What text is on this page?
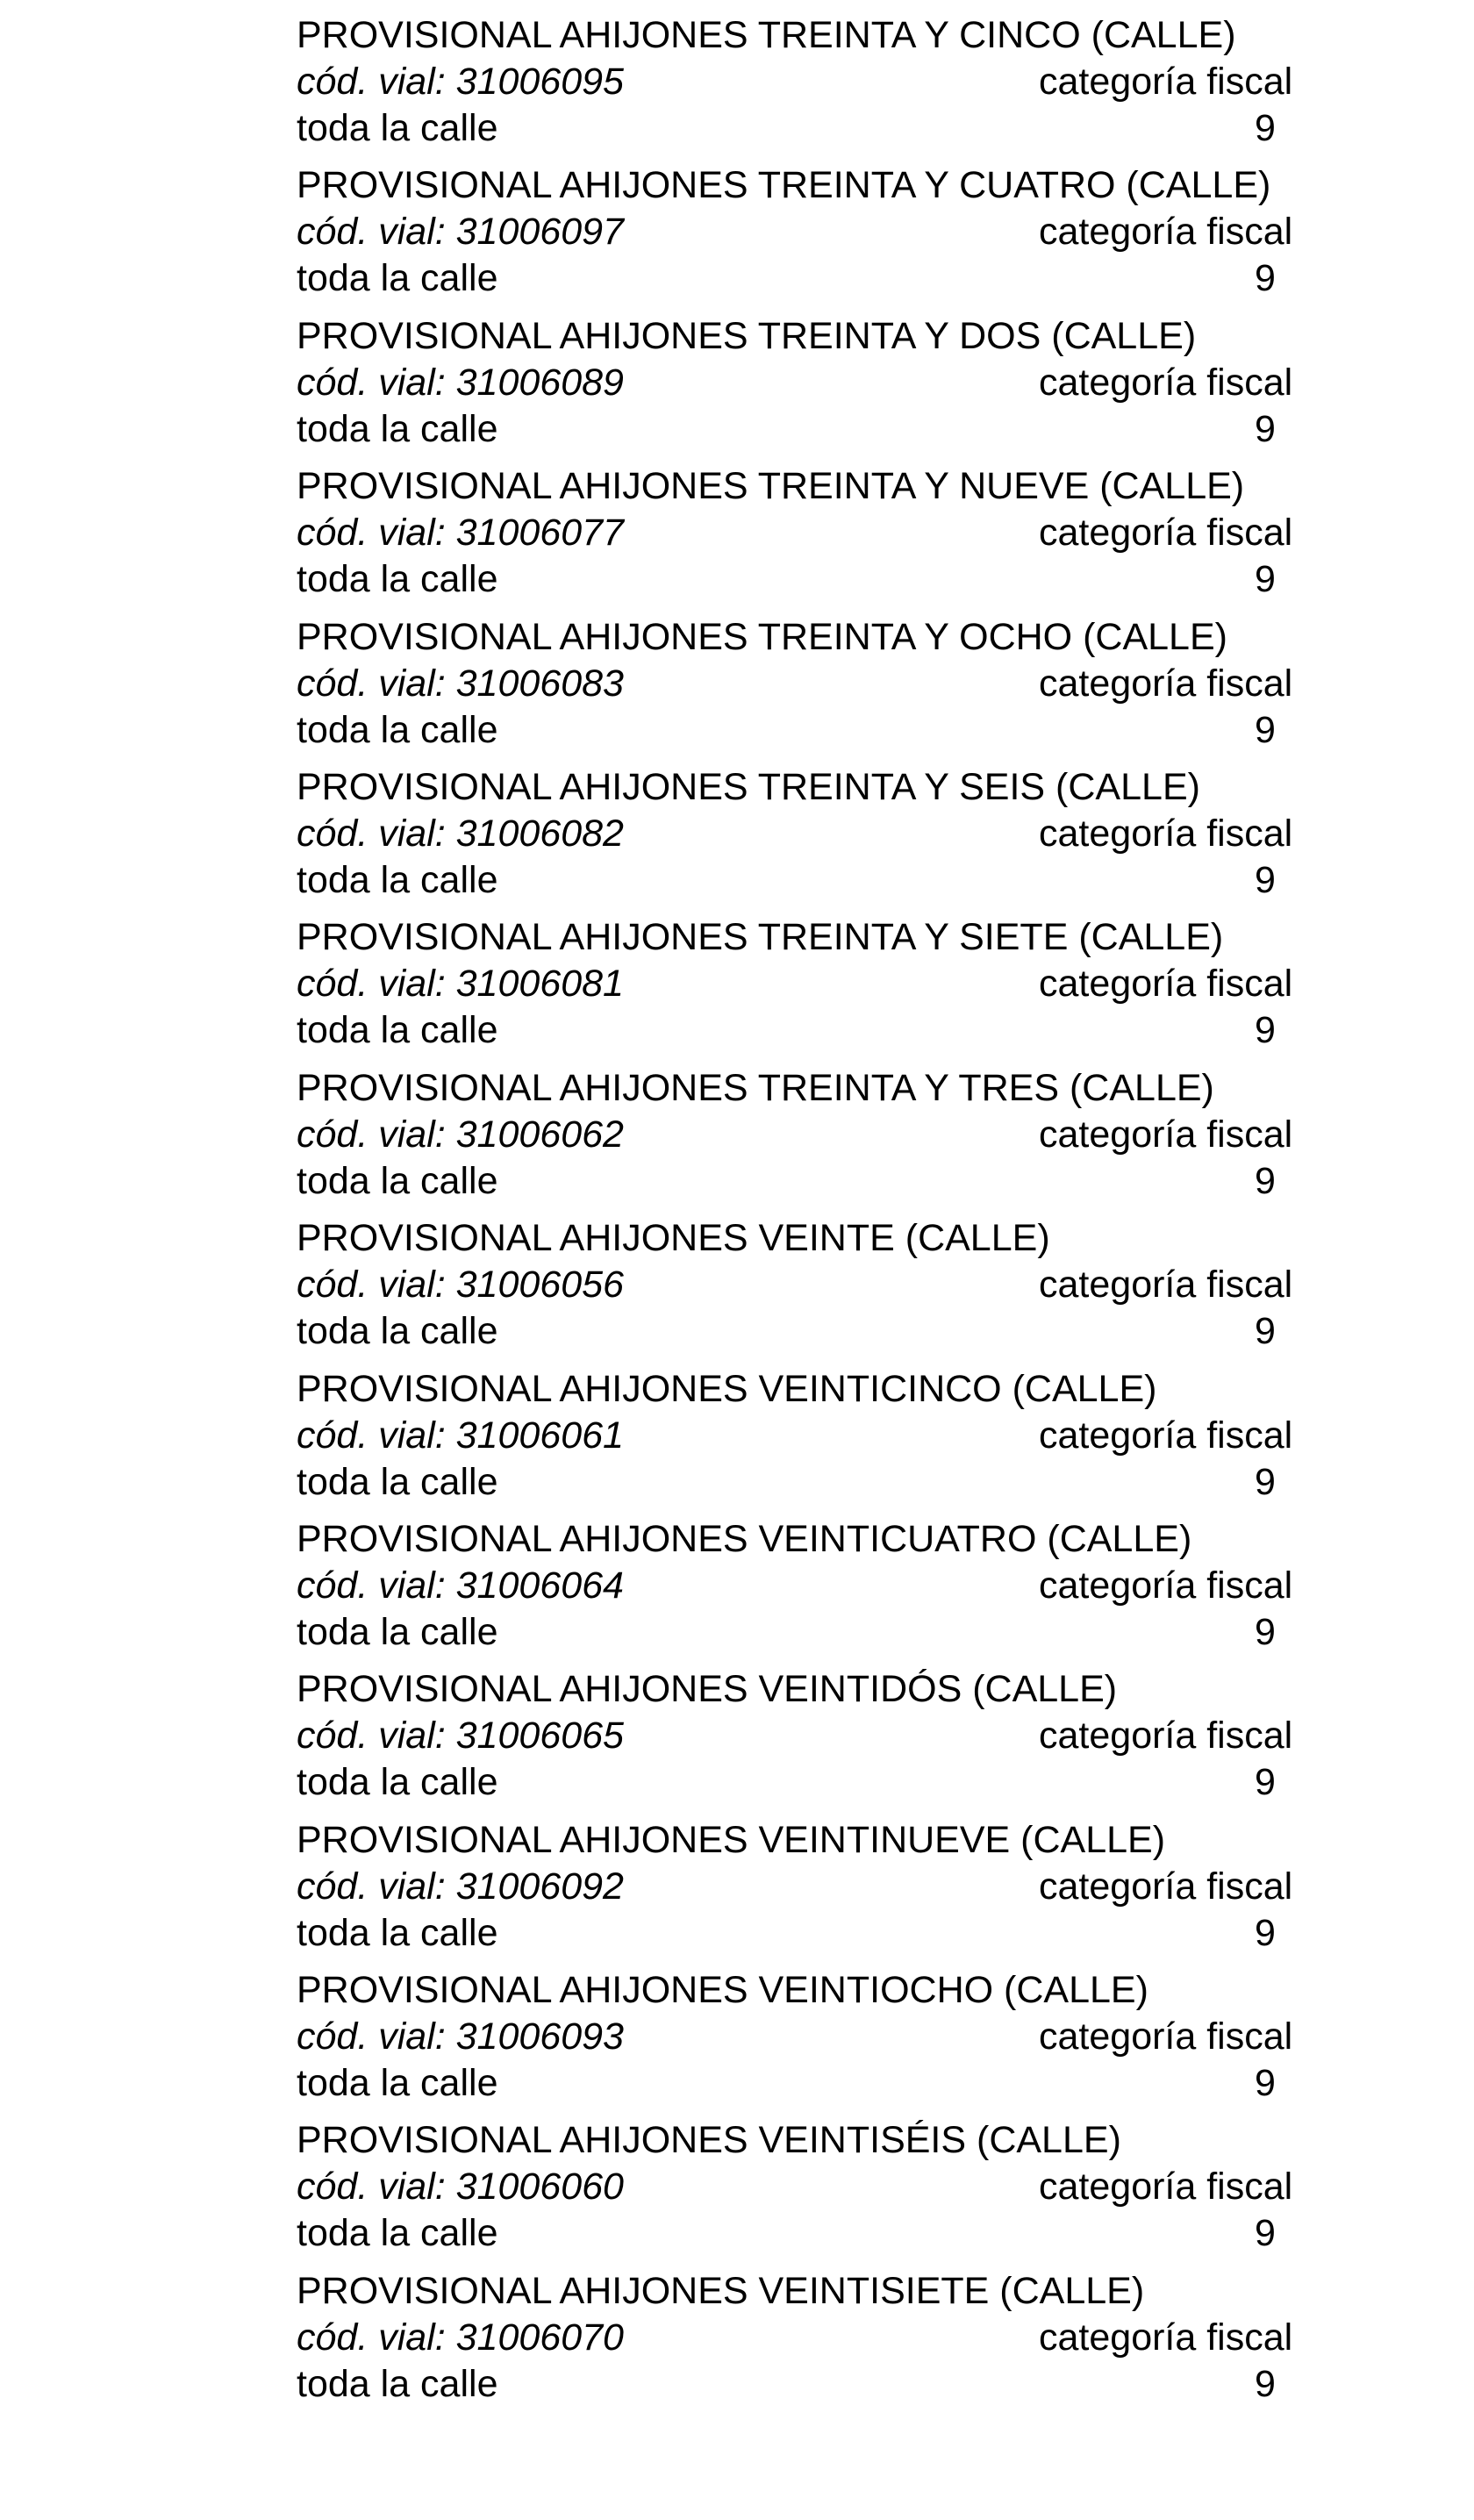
PROVISIONAL AHIJONES TREINTA Y CINCO (CALLE)
cód. vial: 31006095	categoría fiscal
toda la calle	9
PROVISIONAL AHIJONES TREINTA Y CUATRO (CALLE)
cód. vial: 31006097	categoría fiscal
toda la calle	9
PROVISIONAL AHIJONES TREINTA Y DOS (CALLE)
cód. vial: 31006089	categoría fiscal
toda la calle	9
PROVISIONAL AHIJONES TREINTA Y NUEVE (CALLE)
cód. vial: 31006077	categoría fiscal
toda la calle	9
PROVISIONAL AHIJONES TREINTA Y OCHO (CALLE)
cód. vial: 31006083	categoría fiscal
toda la calle	9
PROVISIONAL AHIJONES TREINTA Y SEIS (CALLE)
cód. vial: 31006082	categoría fiscal
toda la calle	9
PROVISIONAL AHIJONES TREINTA Y SIETE (CALLE)
cód. vial: 31006081	categoría fiscal
toda la calle	9
PROVISIONAL AHIJONES TREINTA Y TRES (CALLE)
cód. vial: 31006062	categoría fiscal
toda la calle	9
PROVISIONAL AHIJONES VEINTE (CALLE)
cód. vial: 31006056	categoría fiscal
toda la calle	9
PROVISIONAL AHIJONES VEINTICINCO (CALLE)
cód. vial: 31006061	categoría fiscal
toda la calle	9
PROVISIONAL AHIJONES VEINTICUATRO (CALLE)
cód. vial: 31006064	categoría fiscal
toda la calle	9
PROVISIONAL AHIJONES VEINTIDÓS (CALLE)
cód. vial: 31006065	categoría fiscal
toda la calle	9
PROVISIONAL AHIJONES VEINTINUEVE (CALLE)
cód. vial: 31006092	categoría fiscal
toda la calle	9
PROVISIONAL AHIJONES VEINTIOCHO (CALLE)
cód. vial: 31006093	categoría fiscal
toda la calle	9
PROVISIONAL AHIJONES VEINTISÉIS (CALLE)
cód. vial: 31006060	categoría fiscal
toda la calle	9
PROVISIONAL AHIJONES VEINTISIETE (CALLE)
cód. vial: 31006070	categoría fiscal
toda la calle	9
